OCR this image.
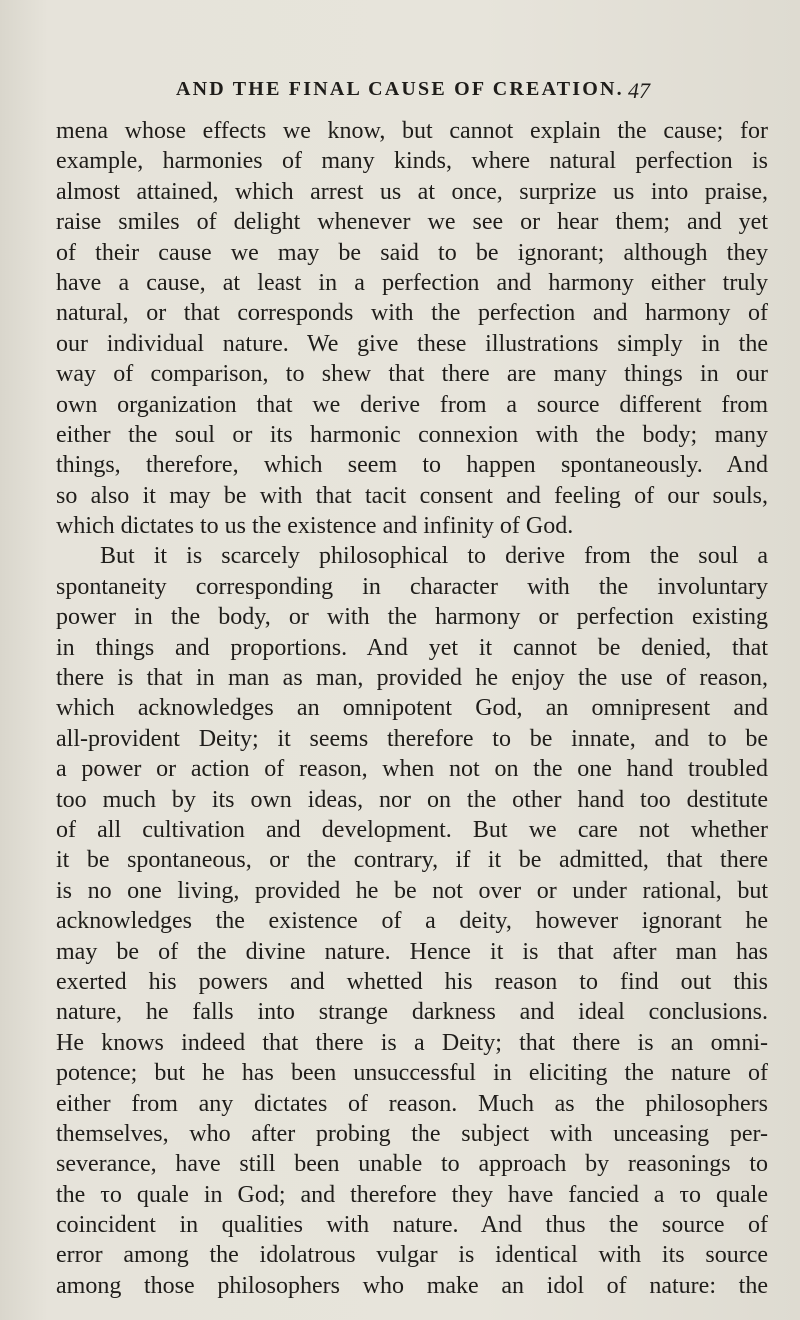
AND THE FINAL CAUSE OF CREATION. 47
mena whose effects we know, but cannot explain the cause; for
example, harmonies of many kinds, where natural perfection is
almost attained, which arrest us at once, surprize us into praise,
raise smiles of delight whenever we see or hear them; and yet
of their cause we may be said to be ignorant; although they
have a cause, at least in a perfection and harmony either truly
natural, or that corresponds with the perfection and harmony of
our individual nature. We give these illustrations simply in the
way of comparison, to shew that there are many things in our
own organization that we derive from a source different from
either the soul or its harmonic connexion with the body; many
things, therefore, which seem to happen spontaneously. And
so also it may be with that tacit consent and feeling of our souls,
which dictates to us the existence and infinity of God.
But it is scarcely philosophical to derive from the soul a
spontaneity corresponding in character with the involuntary
power in the body, or with the harmony or perfection existing
in things and proportions. And yet it cannot be denied, that
there is that in man as man, provided he enjoy the use of reason,
which acknowledges an omnipotent God, an omnipresent and
all-provident Deity; it seems therefore to be innate, and to be
a power or action of reason, when not on the one hand troubled
too much by its own ideas, nor on the other hand too destitute
of all cultivation and development. But we care not whether
it be spontaneous, or the contrary, if it be admitted, that there
is no one living, provided he be not over or under rational, but
acknowledges the existence of a deity, however ignorant he
may be of the divine nature. Hence it is that after man has
exerted his powers and whetted his reason to find out this
nature, he falls into strange darkness and ideal conclusions.
He knows indeed that there is a Deity; that there is an omni-
potence; but he has been unsuccessful in eliciting the nature of
either from any dictates of reason. Much as the philosophers
themselves, who after probing the subject with unceasing per-
severance, have still been unable to approach by reasonings to
the το quale in God; and therefore they have fancied a το quale
coincident in qualities with nature. And thus the source of
error among the idolatrous vulgar is identical with its source
among those philosophers who make an idol of nature: the
